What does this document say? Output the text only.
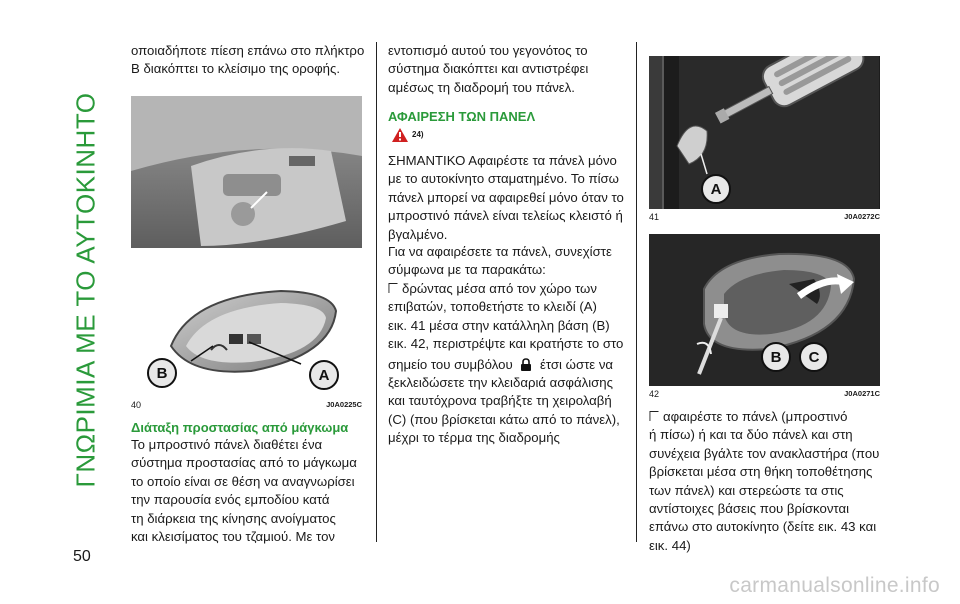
ΓΝΩΡΙΜΙΑ ΜΕ ΤΟ ΑΥΤΟΚΙΝΗΤΟ
50
οποιαδήποτε πίεση επάνω στο πλήκτρο
Β διακόπτει το κλείσιμο της οροφής.
B	A
40	J0A0225C

Διάταξη προστασίας από μάγκωμα

Το μπροστινό πάνελ διαθέτει ένα
σύστημα προστασίας από το μάγκωμα
το οποίο είναι σε θέση να αναγνωρίσει
την παρουσία ενός εμποδίου κατά
τη διάρκεια της κίνησης ανοίγματος
και κλεισίματος του τζαμιού. Με τον
εντοπισμό αυτού του γεγονότος το
σύστημα διακόπτει και αντιστρέφει
αμέσως τη διαδρομή του πάνελ.

ΑΦΑΙΡΕΣΗ ΤΩΝ ΠΑΝΕΛ

24)
ΣΗΜΑΝΤΙΚΟ Αφαιρέστε τα πάνελ μόνο
με το αυτοκίνητο σταματημένο. Το πίσω
πάνελ μπορεί να αφαιρεθεί μόνο όταν το
μπροστινό πάνελ είναι τελείως κλειστό ή
βγαλμένο.
Για να αφαιρέσετε τα πάνελ, συνεχίστε
σύμφωνα με τα παρακάτω:
δρώντας μέσα από τον χώρο των
επιβατών, τοποθετήστε το κλειδί (A)
εικ. 41 μέσα στην κατάλληλη βάση (B)
εικ. 42, περιστρέψτε και κρατήστε το στο
σημείο του συμβόλου έτσι ώστε να
ξεκλειδώσετε την κλειδαριά ασφάλισης
και ταυτόχρονα τραβήξτε τη χειρολαβή
(C) (που βρίσκεται κάτω από το πάνελ),
μέχρι το τέρμα της διαδρομής
A
41	J0A0272C
B	C
42	J0A0271C
αφαιρέστε το πάνελ (μπροστινό
ή πίσω) ή και τα δύο πάνελ και στη
συνέχεια βγάλτε τον ανακλαστήρα (που
βρίσκεται μέσα στη θήκη τοποθέτησης
των πάνελ) και στερεώστε τα στις
αντίστοιχες βάσεις που βρίσκονται
επάνω στο αυτοκίνητο (δείτε εικ. 43 και
εικ. 44)
carmanualsonline.info
